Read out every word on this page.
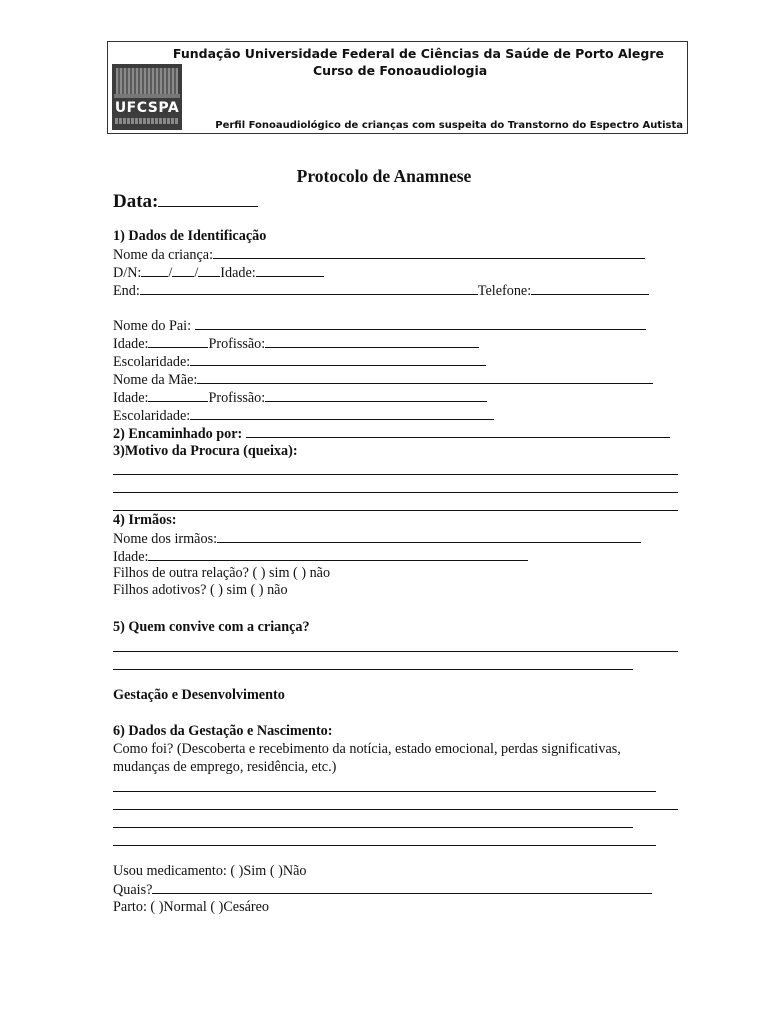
Fundação Universidade Federal de Ciências da Saúde de Porto Alegre
Curso de Fonoaudiologia
UFCSPA
Perfil Fonoaudiológico de crianças com suspeita do Transtorno do Espectro Autista
Protocolo de Anamnese
Data:
1) Dados de Identificação
Nome da criança:
D/N: / / Idade:
End:	Telefone:
Nome do Pai:
Idade:	Profissão:
Escolaridade:
Nome da Mãe:
Idade:	Profissão:
Escolaridade:
2) Encaminhado por:
3)Motivo da Procura (queixa):
4) Irmãos:
Nome dos irmãos:
Idade:
Filhos de outra relação? ( ) sim ( ) não
Filhos adotivos? ( ) sim ( ) não
5) Quem convive com a criança?
Gestação e Desenvolvimento
6) Dados da Gestação e Nascimento:
Como foi? (Descoberta e recebimento da notícia, estado emocional, perdas significativas,
mudanças de emprego, residência, etc.)
Usou medicamento: ( )Sim ( )Não
Quais?
Parto: ( )Normal ( )Cesáreo
